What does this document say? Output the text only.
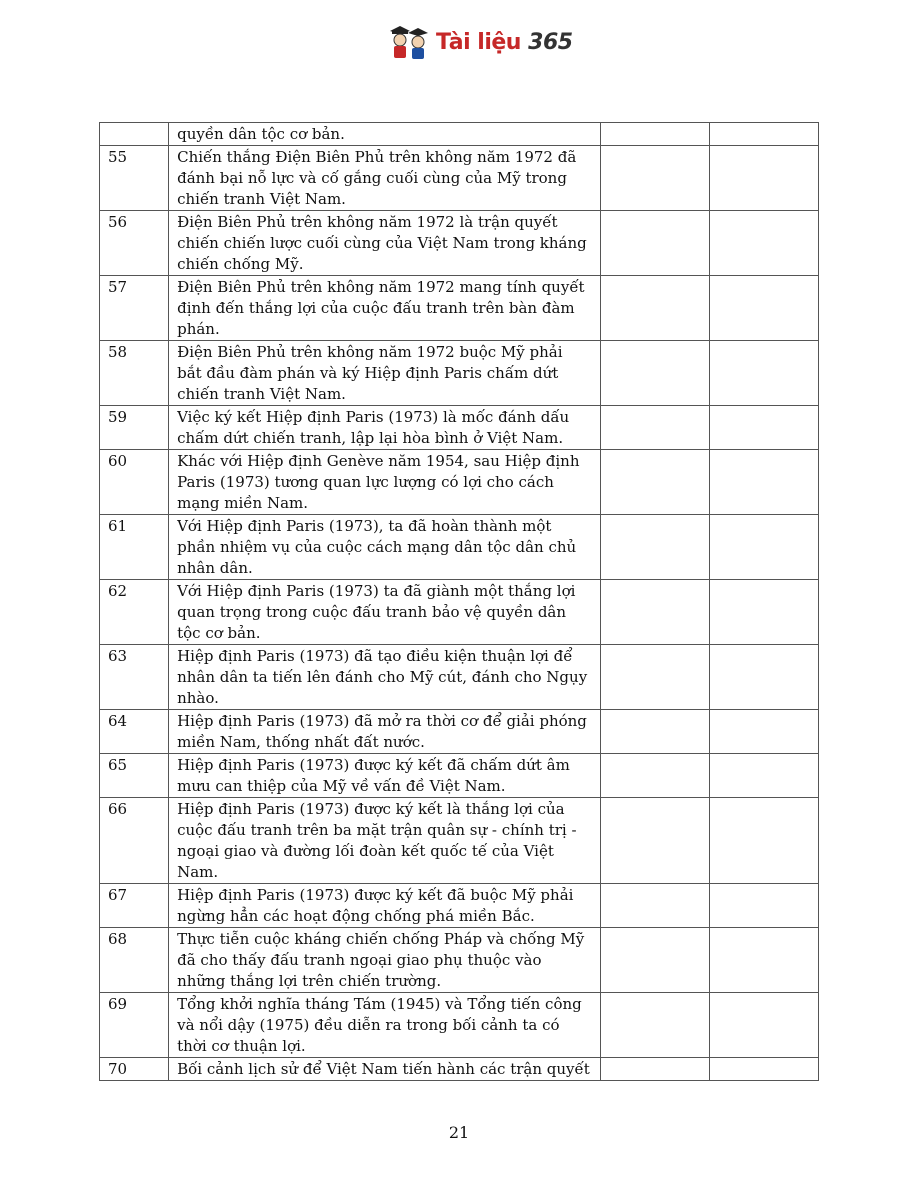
Tài liệu 365
	quyền dân tộc cơ bản.		
55	Chiến thắng Điện Biên Phủ trên không năm 1972 đã đánh bại nỗ lực và cố gắng cuối cùng của Mỹ trong chiến tranh Việt Nam.		
56	Điện Biên Phủ trên không năm 1972 là trận quyết chiến chiến lược cuối cùng của Việt Nam trong kháng chiến chống Mỹ.		
57	Điện Biên Phủ trên không năm 1972 mang tính quyết định đến thắng lợi của cuộc đấu tranh trên bàn đàm phán.		
58	Điện Biên Phủ trên không năm 1972 buộc Mỹ phải bắt đầu đàm phán và ký Hiệp định Paris chấm dứt chiến tranh Việt Nam.		
59	Việc ký kết Hiệp định Paris (1973) là mốc đánh dấu chấm dứt chiến tranh, lập lại hòa bình ở Việt Nam.		
60	Khác với Hiệp định Genève năm 1954, sau Hiệp định Paris (1973) tương quan lực lượng có lợi cho cách mạng miền Nam.		
61	Với Hiệp định Paris (1973), ta đã hoàn thành một phần nhiệm vụ của cuộc cách mạng dân tộc dân chủ nhân dân.		
62	Với Hiệp định Paris (1973) ta đã giành một thắng lợi quan trọng trong cuộc đấu tranh bảo vệ quyền dân tộc cơ bản.		
63	Hiệp định Paris (1973) đã tạo điều kiện thuận lợi để nhân dân ta tiến lên đánh cho Mỹ cút, đánh cho Ngụy nhào.		
64	Hiệp định Paris (1973) đã mở ra thời cơ để giải phóng miền Nam, thống nhất đất nước.		
65	Hiệp định Paris (1973) được ký kết đã chấm dứt âm mưu can thiệp của Mỹ về vấn đề Việt Nam.		
66	Hiệp định Paris (1973) được ký kết là thắng lợi của cuộc đấu tranh trên ba mặt trận quân sự - chính trị - ngoại giao và đường lối đoàn kết quốc tế của Việt Nam.		
67	Hiệp định Paris (1973) được ký kết đã buộc Mỹ phải ngừng hẳn các hoạt động chống phá miền Bắc.		
68	Thực tiễn cuộc kháng chiến chống Pháp và chống Mỹ đã cho thấy đấu tranh ngoại giao phụ thuộc vào những thắng lợi trên chiến trường.		
69	Tổng khởi nghĩa tháng Tám (1945) và Tổng tiến công và nổi dậy (1975) đều diễn ra trong bối cảnh ta có thời cơ thuận lợi.		
70	Bối cảnh lịch sử để Việt Nam tiến hành các trận quyết		
21
